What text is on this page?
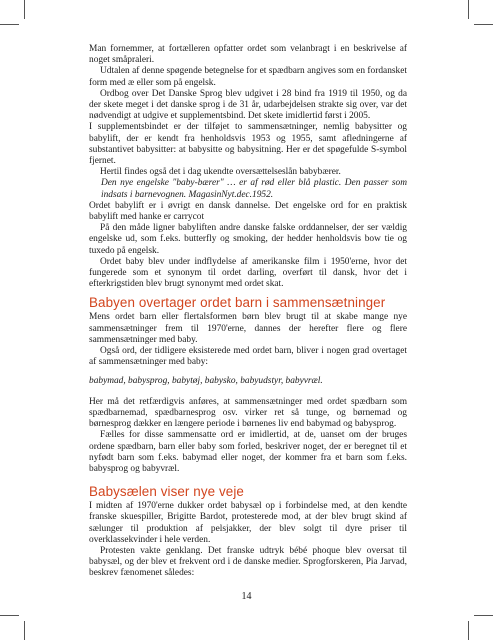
Man fornemmer, at fortælleren opfatter ordet som velanbragt i en beskrivelse af noget småpraleri.

Udtalen af denne spøgende betegnelse for et spædbarn angives som en fordansket form med æ eller som på engelsk.

Ordbog over Det Danske Sprog blev udgivet i 28 bind fra 1919 til 1950, og da der skete meget i det danske sprog i de 31 år, udarbejdelsen strakte sig over, var det nødvendigt at udgive et supplementsbind. Det skete imidlertid først i 2005.

I supplementsbindet er der tilføjet to sammensætninger, nemlig babysitter og babylift, der er kendt fra henholdsvis 1953 og 1955, samt afledningerne af substantivet babysitter: at babysitte og babysitning. Her er det spøgefulde S-symbol fjernet.

Hertil findes også det i dag ukendte oversættelseslån babybærer.

Den nye engelske "baby-bærer" … er af rød eller blå plastic. Den passer som indsats i barnevognen. MagasinNyt.dec.1952.

Ordet babylift er i øvrigt en dansk dannelse. Det engelske ord for en praktisk babylift med hanke er carrycot

På den måde ligner babyliften andre danske falske orddannelser, der ser vældig engelske ud, som f.eks. butterfly og smoking, der hedder henholdsvis bow tie og tuxedo på engelsk.

Ordet baby blev under indflydelse af amerikanske film i 1950'erne, hvor det fungerede som et synonym til ordet darling, overført til dansk, hvor det i efterkrigstiden blev brugt synonymt med ordet skat.

Babyen overtager ordet barn i sammensætninger

Mens ordet barn eller flertalsformen børn blev brugt til at skabe mange nye sammensætninger frem til 1970'erne, dannes der herefter flere og flere sammensætninger med baby.

Også ord, der tidligere eksisterede med ordet barn, bliver i nogen grad overtaget af sammensætninger med baby:

babymad, babysprog, babytøj, babysko, babyudstyr, babyvræl.

Her må det retfærdigvis anføres, at sammensætninger med ordet spædbarn som spædbarnemad, spædbarnesprog osv. virker ret så tunge, og børnemad og børnesprog dækker en længere periode i børnenes liv end babymad og babysprog.

Fælles for disse sammensatte ord er imidlertid, at de, uanset om der bruges ordene spædbarn, barn eller baby som forled, beskriver noget, der er beregnet til et nyfødt barn som f.eks. babymad eller noget, der kommer fra et barn som f.eks. babysprog og babyvræl.

Babysælen viser nye veje

I midten af 1970'erne dukker ordet babysæl op i forbindelse med, at den kendte franske skuespiller, Brigitte Bardot, protesterede mod, at der blev brugt skind af sælunger til produktion af pelsjakker, der blev solgt til dyre priser til overklassekvinder i hele verden.

Protesten vakte genklang. Det franske udtryk bébé phoque blev oversat til babysæl, og der blev et frekvent ord i de danske medier. Sprogforskeren, Pia Jarvad, beskrev fænomenet således:

14
